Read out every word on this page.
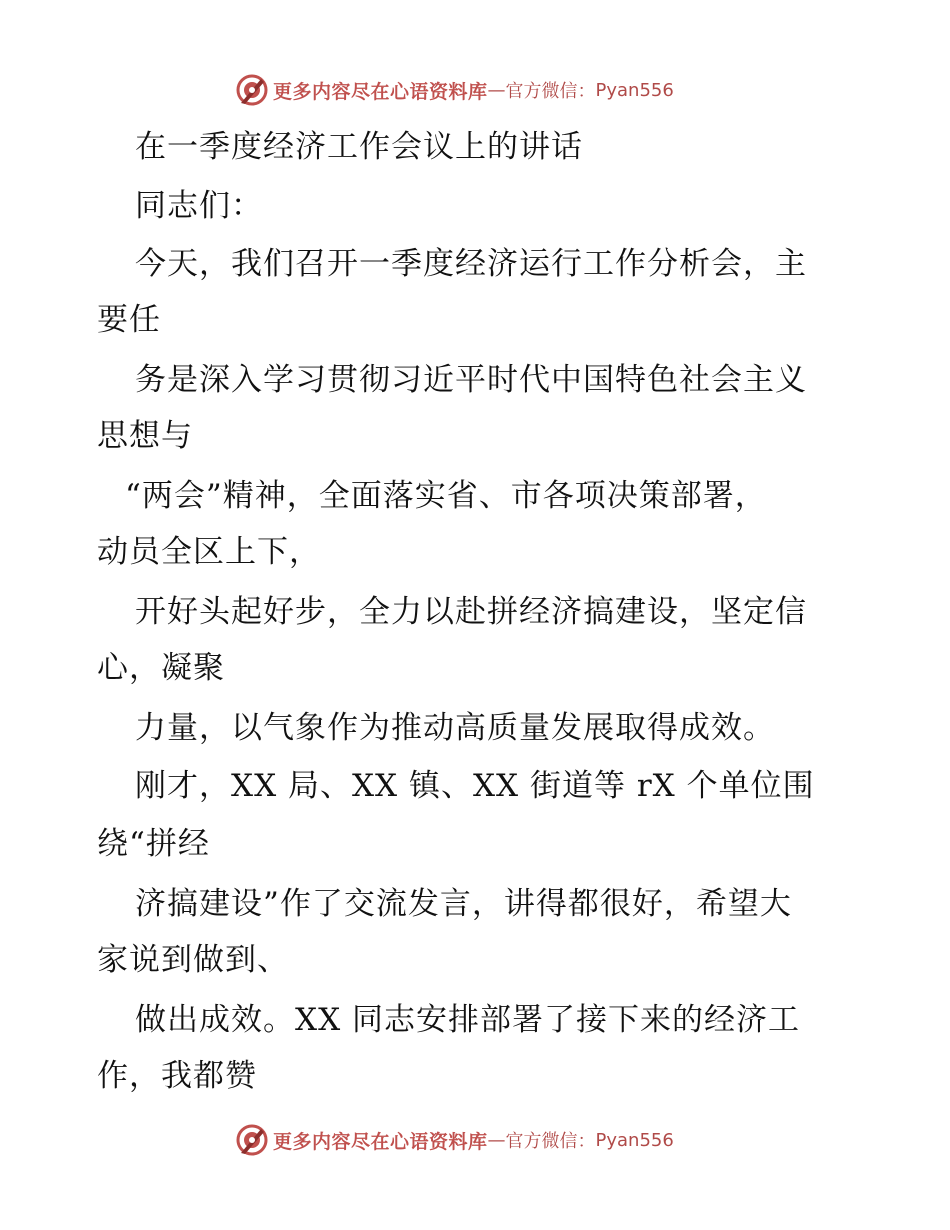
更多内容尽在心语资料库 — 官方微信： Pyan556
在一季度经济工作会议上的讲话
同志们：
今天，我们召开一季度经济运行工作分析会，主
要任
务是深入学习贯彻习近平时代中国特色社会主义
思想与
“两会”精神，全面落实省、市各项决策部署，
动员全区上下，
开好头起好步，全力以赴拼经济搞建设，坚定信
心，凝聚
力量，以气象作为推动高质量发展取得成效。
刚才，XX 局、XX 镇、XX 街道等 rX 个单位围
绕“拼经
济搞建设”作了交流发言，讲得都很好，希望大
家说到做到、
做出成效。XX 同志安排部署了接下来的经济工
作，我都赞
更多内容尽在心语资料库 — 官方微信： Pyan556
